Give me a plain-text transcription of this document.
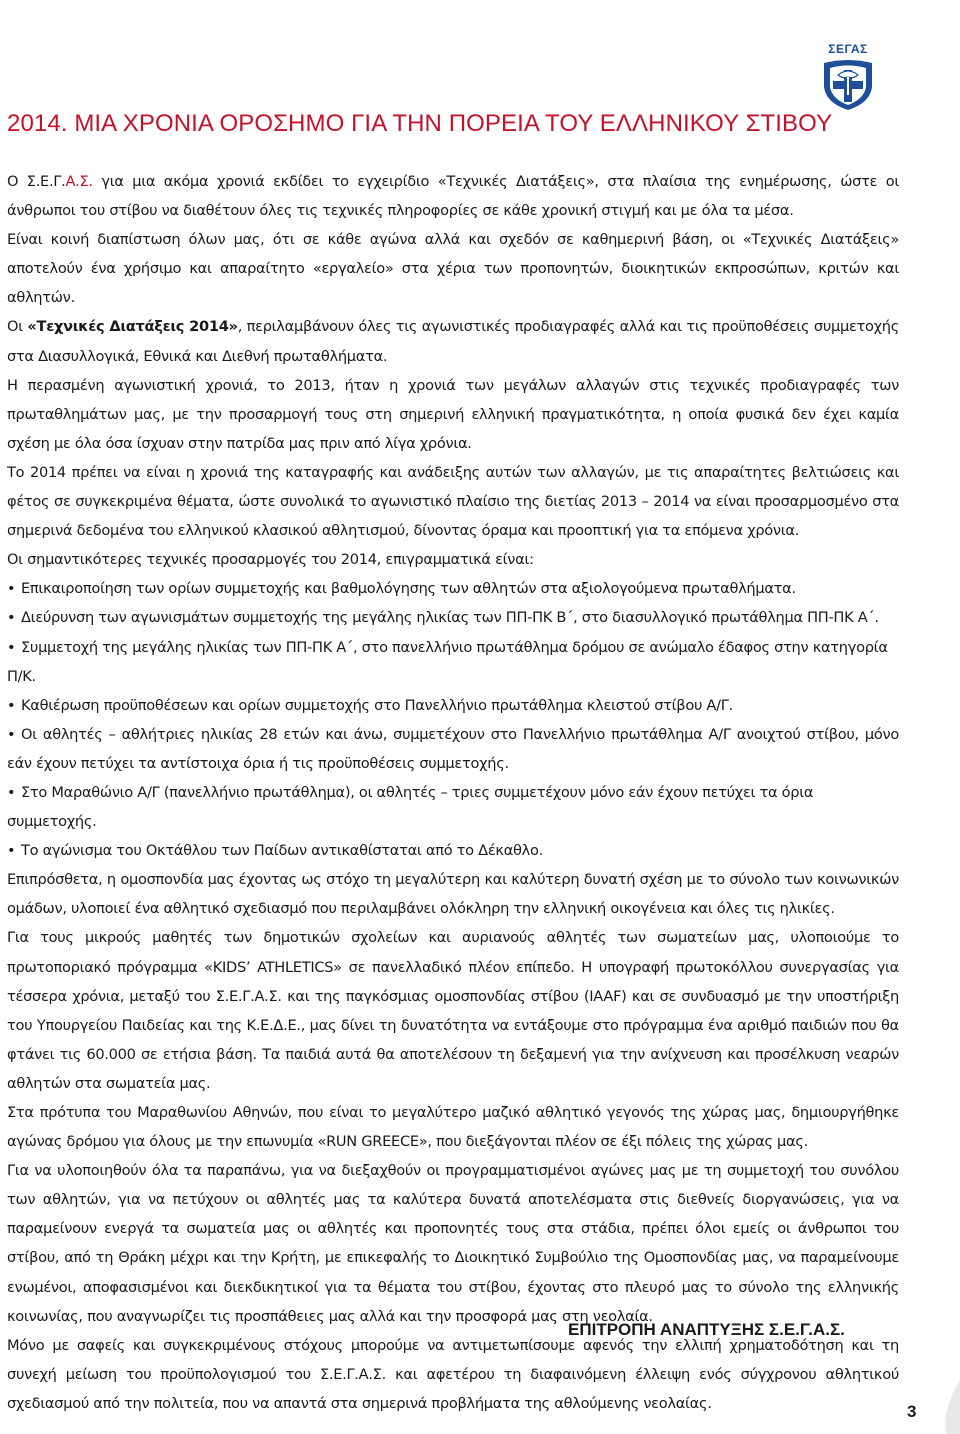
ΣΕΓΑΣ
2014. ΜΙΑ ΧΡΟΝΙΑ ΟΡΟΣΗΜΟ ΓΙΑ ΤΗΝ ΠΟΡΕΙΑ ΤΟΥ ΕΛΛΗΝΙΚΟΥ ΣΤΙΒΟΥ

Ο Σ.Ε.Γ.Α.Σ. για μια ακόμα χρονιά εκδίδει το εγχειρίδιο «Τεχνικές Διατάξεις», στα πλαίσια της ενημέρωσης, ώστε οι άνθρωποι του στίβου να διαθέτουν όλες τις τεχνικές πληροφορίες σε κάθε χρονική στιγμή και με όλα τα μέσα.

Είναι κοινή διαπίστωση όλων μας, ότι σε κάθε αγώνα αλλά και σχεδόν σε καθημερινή βάση, οι «Τεχνικές Διατάξεις» αποτελούν ένα χρήσιμο και απαραίτητο «εργαλείο» στα χέρια των προπονητών, διοικητικών εκπροσώπων, κριτών και αθλητών.

Οι «Τεχνικές Διατάξεις 2014», περιλαμβάνουν όλες τις αγωνιστικές προδιαγραφές αλλά και τις προϋποθέσεις συμμετοχής στα Διασυλλογικά, Εθνικά και Διεθνή πρωταθλήματα.

Η περασμένη αγωνιστική χρονιά, το 2013, ήταν η χρονιά των μεγάλων αλλαγών στις τεχνικές προδιαγραφές των πρωταθλημάτων μας, με την προσαρμογή τους στη σημερινή ελληνική πραγματικότητα, η οποία φυσικά δεν έχει καμία σχέση με όλα όσα ίσχυαν στην πατρίδα μας πριν από λίγα χρόνια.

Το 2014 πρέπει να είναι η χρονιά της καταγραφής και ανάδειξης αυτών των αλλαγών, με τις απαραίτητες βελτιώσεις και φέτος σε συγκεκριμένα θέματα, ώστε συνολικά το αγωνιστικό πλαίσιο της διετίας 2013 – 2014 να είναι προσαρμοσμένο στα σημερινά δεδομένα του ελληνικού κλασικού αθλητισμού, δίνοντας όραμα και προοπτική για τα επόμενα χρόνια.

Οι σημαντικότερες τεχνικές προσαρμογές του 2014, επιγραμματικά είναι:

• Επικαιροποίηση των ορίων συμμετοχής και βαθμολόγησης των αθλητών στα αξιολογούμενα πρωταθλήματα.

• Διεύρυνση των αγωνισμάτων συμμετοχής της μεγάλης ηλικίας των ΠΠ-ΠΚ Β΄, στο διασυλλογικό πρωτάθλημα ΠΠ-ΠΚ Α΄.

• Συμμετοχή της μεγάλης ηλικίας των ΠΠ-ΠΚ Α΄, στο πανελλήνιο πρωτάθλημα δρόμου σε ανώμαλο έδαφος στην κατηγορία Π/Κ.

• Καθιέρωση προϋποθέσεων και ορίων συμμετοχής στο Πανελλήνιο πρωτάθλημα κλειστού στίβου Α/Γ.

• Οι αθλητές – αθλήτριες ηλικίας 28 ετών και άνω, συμμετέχουν στο Πανελλήνιο πρωτάθλημα Α/Γ ανοιχτού στίβου, μόνο εάν έχουν πετύχει τα αντίστοιχα όρια ή τις προϋποθέσεις συμμετοχής.

• Στο Μαραθώνιο Α/Γ (πανελλήνιο πρωτάθλημα), οι αθλητές – τριες συμμετέχουν μόνο εάν έχουν πετύχει τα όρια συμμετοχής.

• Το αγώνισμα του Οκτάθλου των Παίδων αντικαθίσταται από το Δέκαθλο.

Επιπρόσθετα, η ομοσπονδία μας έχοντας ως στόχο τη μεγαλύτερη και καλύτερη δυνατή σχέση με το σύνολο των κοινωνικών ομάδων, υλοποιεί ένα αθλητικό σχεδιασμό που περιλαμβάνει ολόκληρη την ελληνική οικογένεια και όλες τις ηλικίες.

Για τους μικρούς μαθητές των δημοτικών σχολείων και αυριανούς αθλητές των σωματείων μας, υλοποιούμε το πρωτοποριακό πρόγραμμα «KIDS’ ATHLETICS» σε πανελλαδικό πλέον επίπεδο. Η υπογραφή πρωτοκόλλου συνεργασίας για τέσσερα χρόνια, μεταξύ του Σ.Ε.Γ.Α.Σ. και της παγκόσμιας ομοσπονδίας στίβου (IAAF) και σε συνδυασμό με την υποστήριξη του Υπουργείου Παιδείας και της Κ.Ε.Δ.Ε., μας δίνει τη δυνατότητα να εντάξουμε στο πρόγραμμα ένα αριθμό παιδιών που θα φτάνει τις 60.000 σε ετήσια βάση. Τα παιδιά αυτά θα αποτελέσουν τη δεξαμενή για την ανίχνευση και προσέλκυση νεαρών αθλητών στα σωματεία μας.

Στα πρότυπα του Μαραθωνίου Αθηνών, που είναι το μεγαλύτερο μαζικό αθλητικό γεγονός της χώρας μας, δημιουργήθηκε αγώνας δρόμου για όλους με την επωνυμία «RUN GREECE», που διεξάγονται πλέον σε έξι πόλεις της χώρας μας.

Για να υλοποιηθούν όλα τα παραπάνω, για να διεξαχθούν οι προγραμματισμένοι αγώνες μας με τη συμμετοχή του συνόλου των αθλητών, για να πετύχουν οι αθλητές μας τα καλύτερα δυνατά αποτελέσματα στις διεθνείς διοργανώσεις, για να παραμείνουν ενεργά τα σωματεία μας οι αθλητές και προπονητές τους στα στάδια, πρέπει όλοι εμείς οι άνθρωποι του στίβου, από τη Θράκη μέχρι και την Κρήτη, με επικεφαλής το Διοικητικό Συμβούλιο της Ομοσπονδίας μας, να παραμείνουμε ενωμένοι, αποφασισμένοι και διεκδικητικοί για τα θέματα του στίβου, έχοντας στο πλευρό μας το σύνολο της ελληνικής κοινωνίας, που αναγνωρίζει τις προσπάθειες μας αλλά και την προσφορά μας στη νεολαία.

Μόνο με σαφείς και συγκεκριμένους στόχους μπορούμε να αντιμετωπίσουμε αφενός την ελλιπή χρηματοδότηση και τη συνεχή μείωση του προϋπολογισμού του Σ.Ε.Γ.Α.Σ. και αφετέρου τη διαφαινόμενη έλλειψη ενός σύγχρονου αθλητικού σχεδιασμού από την πολιτεία, που να απαντά στα σημερινά προβλήματα της αθλούμενης νεολαίας.

ΕΠΙΤΡΟΠΗ ΑΝΑΠΤΥΞΗΣ Σ.Ε.Γ.Α.Σ.
3
